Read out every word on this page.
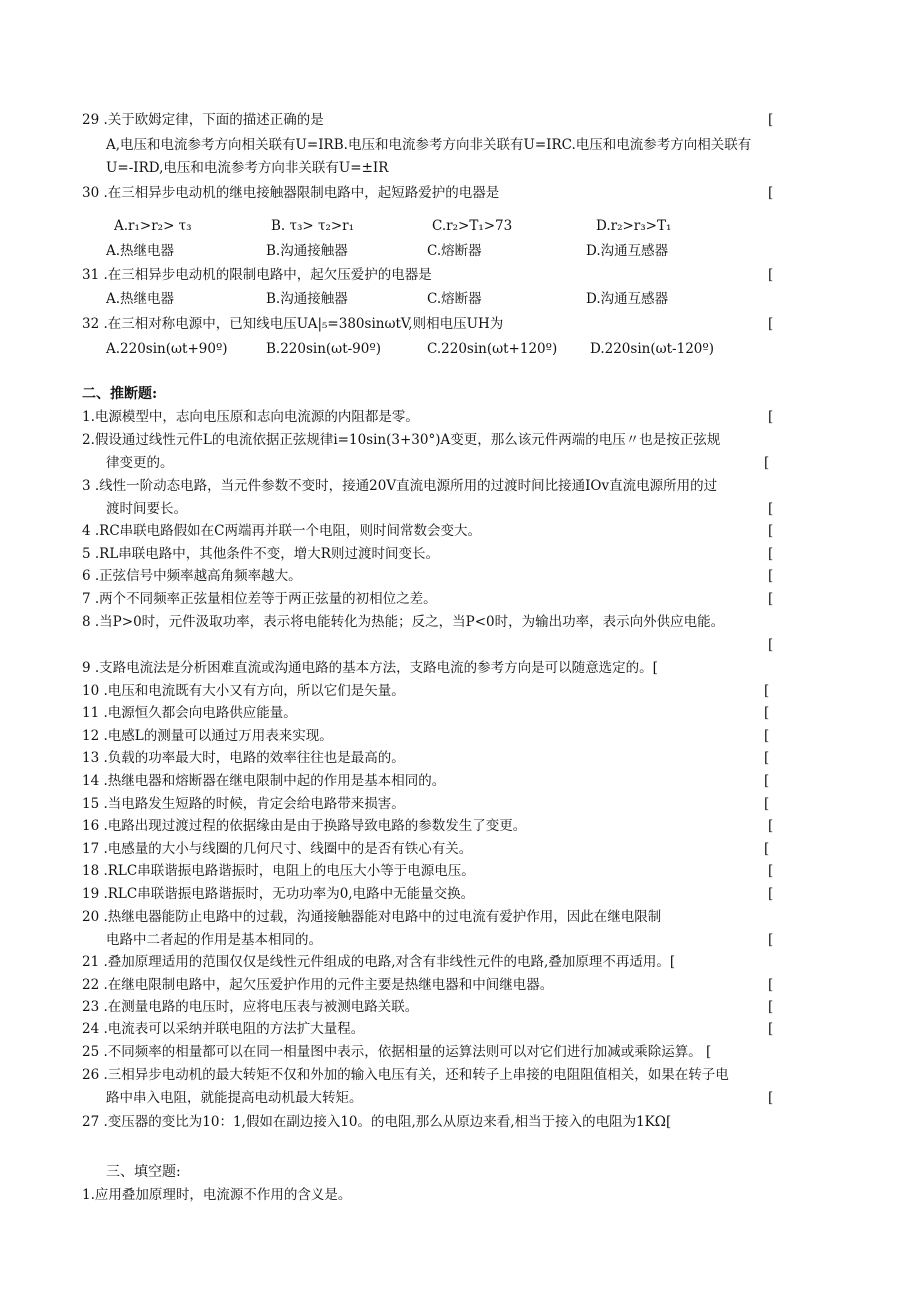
29 .关于欧姆定律，下面的描述正确的是	[
A,电压和电流参考方向相关联有U=IRB.电压和电流参考方向非关联有U=IRC.电压和电流参考方向相关联有
U=-IRD,电压和电流参考方向非关联有U=±IR
30 .在三相异步电动机的继电接触器限制电路中，起短路爱护的电器是	[
A.r₁>r₂> τ₃	B. τ₃> τ₂>r₁	C.r₂>T₁>73	D.r₂>r₃>T₁
A.热继电器	B.沟通接触器	C.熔断器	D.沟通互感器
31 .在三相异步电动机的限制电路中，起欠压爱护的电器是	[
A.热继电器	B.沟通接触器	C.熔断器	D.沟通互感器
32 .在三相对称电源中，已知线电压UA|₅=380sinωtV,则相电压UH为	[
A.220sin(ωt+90º)	B.220sin(ωt-90º)	C.220sin(ωt+120º) D.220sin(ωt-120º)
二、推断题:
1.电源模型中，志向电压原和志向电流源的内阻都是零。	[
2.假设通过线性元件L的电流依据正弦规律i=10sin(3+30°)A变更，那么该元件两端的电压〃也是按正弦规
律变更的。	[
3 .线性一阶动态电路，当元件参数不变时，接通20V直流电源所用的过渡时间比接通IOv直流电源所用的过
渡时间要长。	[
4 .RC串联电路假如在C两端再并联一个电阻，则时间常数会变大。	[
5 .RL串联电路中，其他条件不变，增大R则过渡时间变长。	[
6 .正弦信号中频率越高角频率越大。	[
7 .两个不同频率正弦量相位差等于两正弦量的初相位之差。	[
8 .当P>0时，元件汲取功率，表示将电能转化为热能；反之，当P<0时，为输出功率，表示向外供应电能。
[
9 .支路电流法是分析困难直流或沟通电路的基本方法，支路电流的参考方向是可以随意选定的。[
10 .电压和电流既有大小又有方向，所以它们是矢量。	[
11 .电源恒久都会向电路供应能量。	[
12 .电感L的测量可以通过万用表来实现。	[
13 .负载的功率最大时，电路的效率往往也是最高的。	[
14 .热继电器和熔断器在继电限制中起的作用是基本相同的。	[
15 .当电路发生短路的时候，肯定会给电路带来损害。	[
16 .电路出现过渡过程的依据缘由是由于换路导致电路的参数发生了变更。	[
17 .电感量的大小与线圈的几何尺寸、线圈中的是否有铁心有关。	[
18 .RLC串联谐振电路谐振时，电阻上的电压大小等于电源电压。	[
19 .RLC串联谐振电路谐振时，无功功率为0,电路中无能量交换。	[
20 .热继电器能防止电路中的过载，沟通接触器能对电路中的过电流有爱护作用，因此在继电限制
电路中二者起的作用是基本相同的。	[
21 .叠加原理适用的范围仅仅是线性元件组成的电路,对含有非线性元件的电路,叠加原理不再适用。[
22 .在继电限制电路中，起欠压爱护作用的元件主要是热继电器和中间继电器。	[
23 .在测量电路的电压时，应将电压表与被测电路关联。	[
24 .电流表可以采纳并联电阻的方法扩大量程。	[
25 .不同频率的相量都可以在同一相量图中表示，依据相量的运算法则可以对它们进行加减或乘除运算。 [
26 .三相异步电动机的最大转矩不仅和外加的输入电压有关，还和转子上串接的电阻阻值相关，如果在转子电
路中串入电阻，就能提高电动机最大转矩。	[
27 .变压器的变比为10：1,假如在副边接入10。的电阻,那么从原边来看,相当于接入的电阻为1KΩ[
三、填空题:
1.应用叠加原理时，电流源不作用的含义是。
